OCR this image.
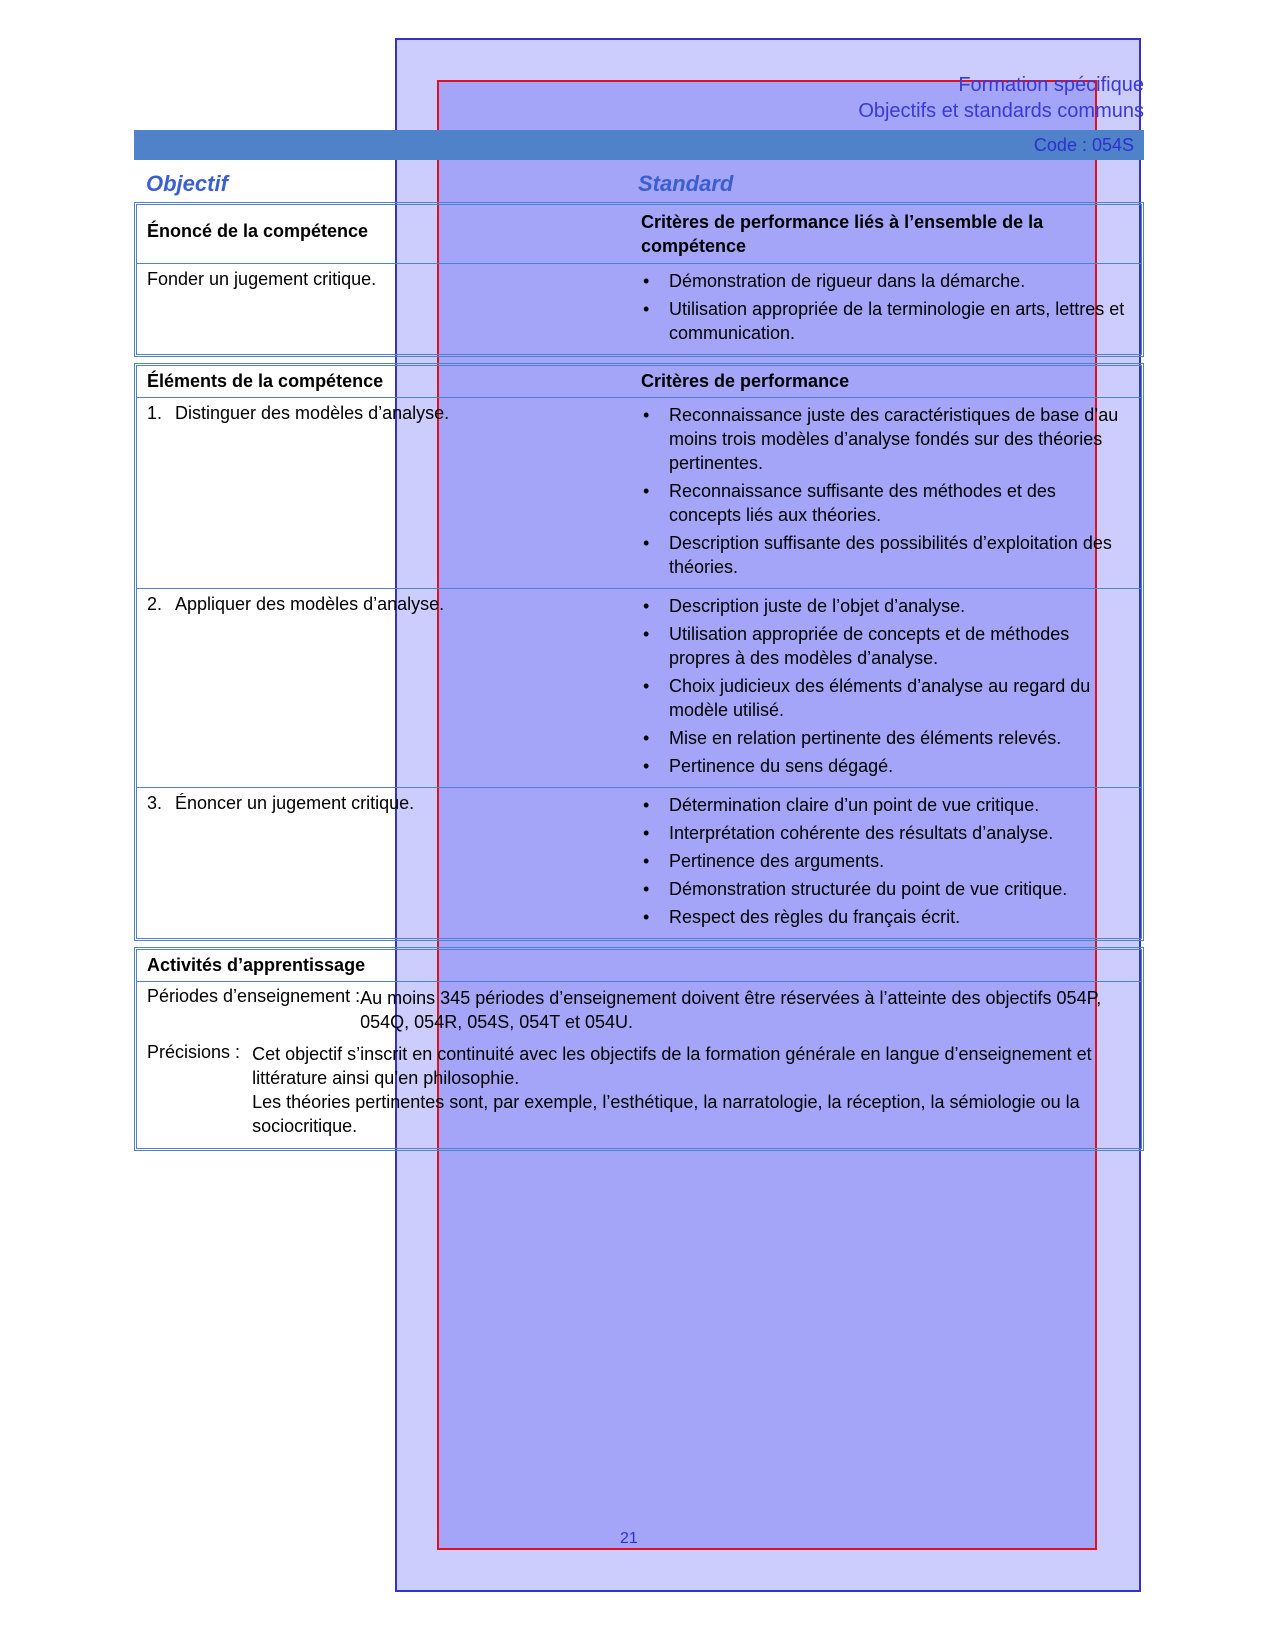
Formation spécifique
Objectifs et standards communs
Code : 054S
Objectif	Standard
Énoncé de la compétence	Critères de performance liés à l’ensemble de la compétence
Fonder un jugement critique.	• Démonstration de rigueur dans la démarche.
• Utilisation appropriée de la terminologie en arts, lettres et communication.
Éléments de la compétence	Critères de performance
1. Distinguer des modèles d’analyse.	• Reconnaissance juste des caractéristiques de base d’au moins trois modèles d’analyse fondés sur des théories pertinentes.
• Reconnaissance suffisante des méthodes et des concepts liés aux théories.
• Description suffisante des possibilités d’exploitation des théories.
2. Appliquer des modèles d’analyse.	• Description juste de l’objet d’analyse.
• Utilisation appropriée de concepts et de méthodes propres à des modèles d’analyse.
• Choix judicieux des éléments d’analyse au regard du modèle utilisé.
• Mise en relation pertinente des éléments relevés.
• Pertinence du sens dégagé.
3. Énoncer un jugement critique.	• Détermination claire d’un point de vue critique.
• Interprétation cohérente des résultats d’analyse.
• Pertinence des arguments.
• Démonstration structurée du point de vue critique.
• Respect des règles du français écrit.
Activités d’apprentissage
Périodes d’enseignement : Au moins 345 périodes d’enseignement doivent être réservées à l’atteinte des objectifs 054P, 054Q, 054R, 054S, 054T et 054U.
Précisions : Cet objectif s’inscrit en continuité avec les objectifs de la formation générale en langue d’enseignement et littérature ainsi qu’en philosophie.
Les théories pertinentes sont, par exemple, l’esthétique, la narratologie, la réception, la sémiologie ou la sociocritique.
21
